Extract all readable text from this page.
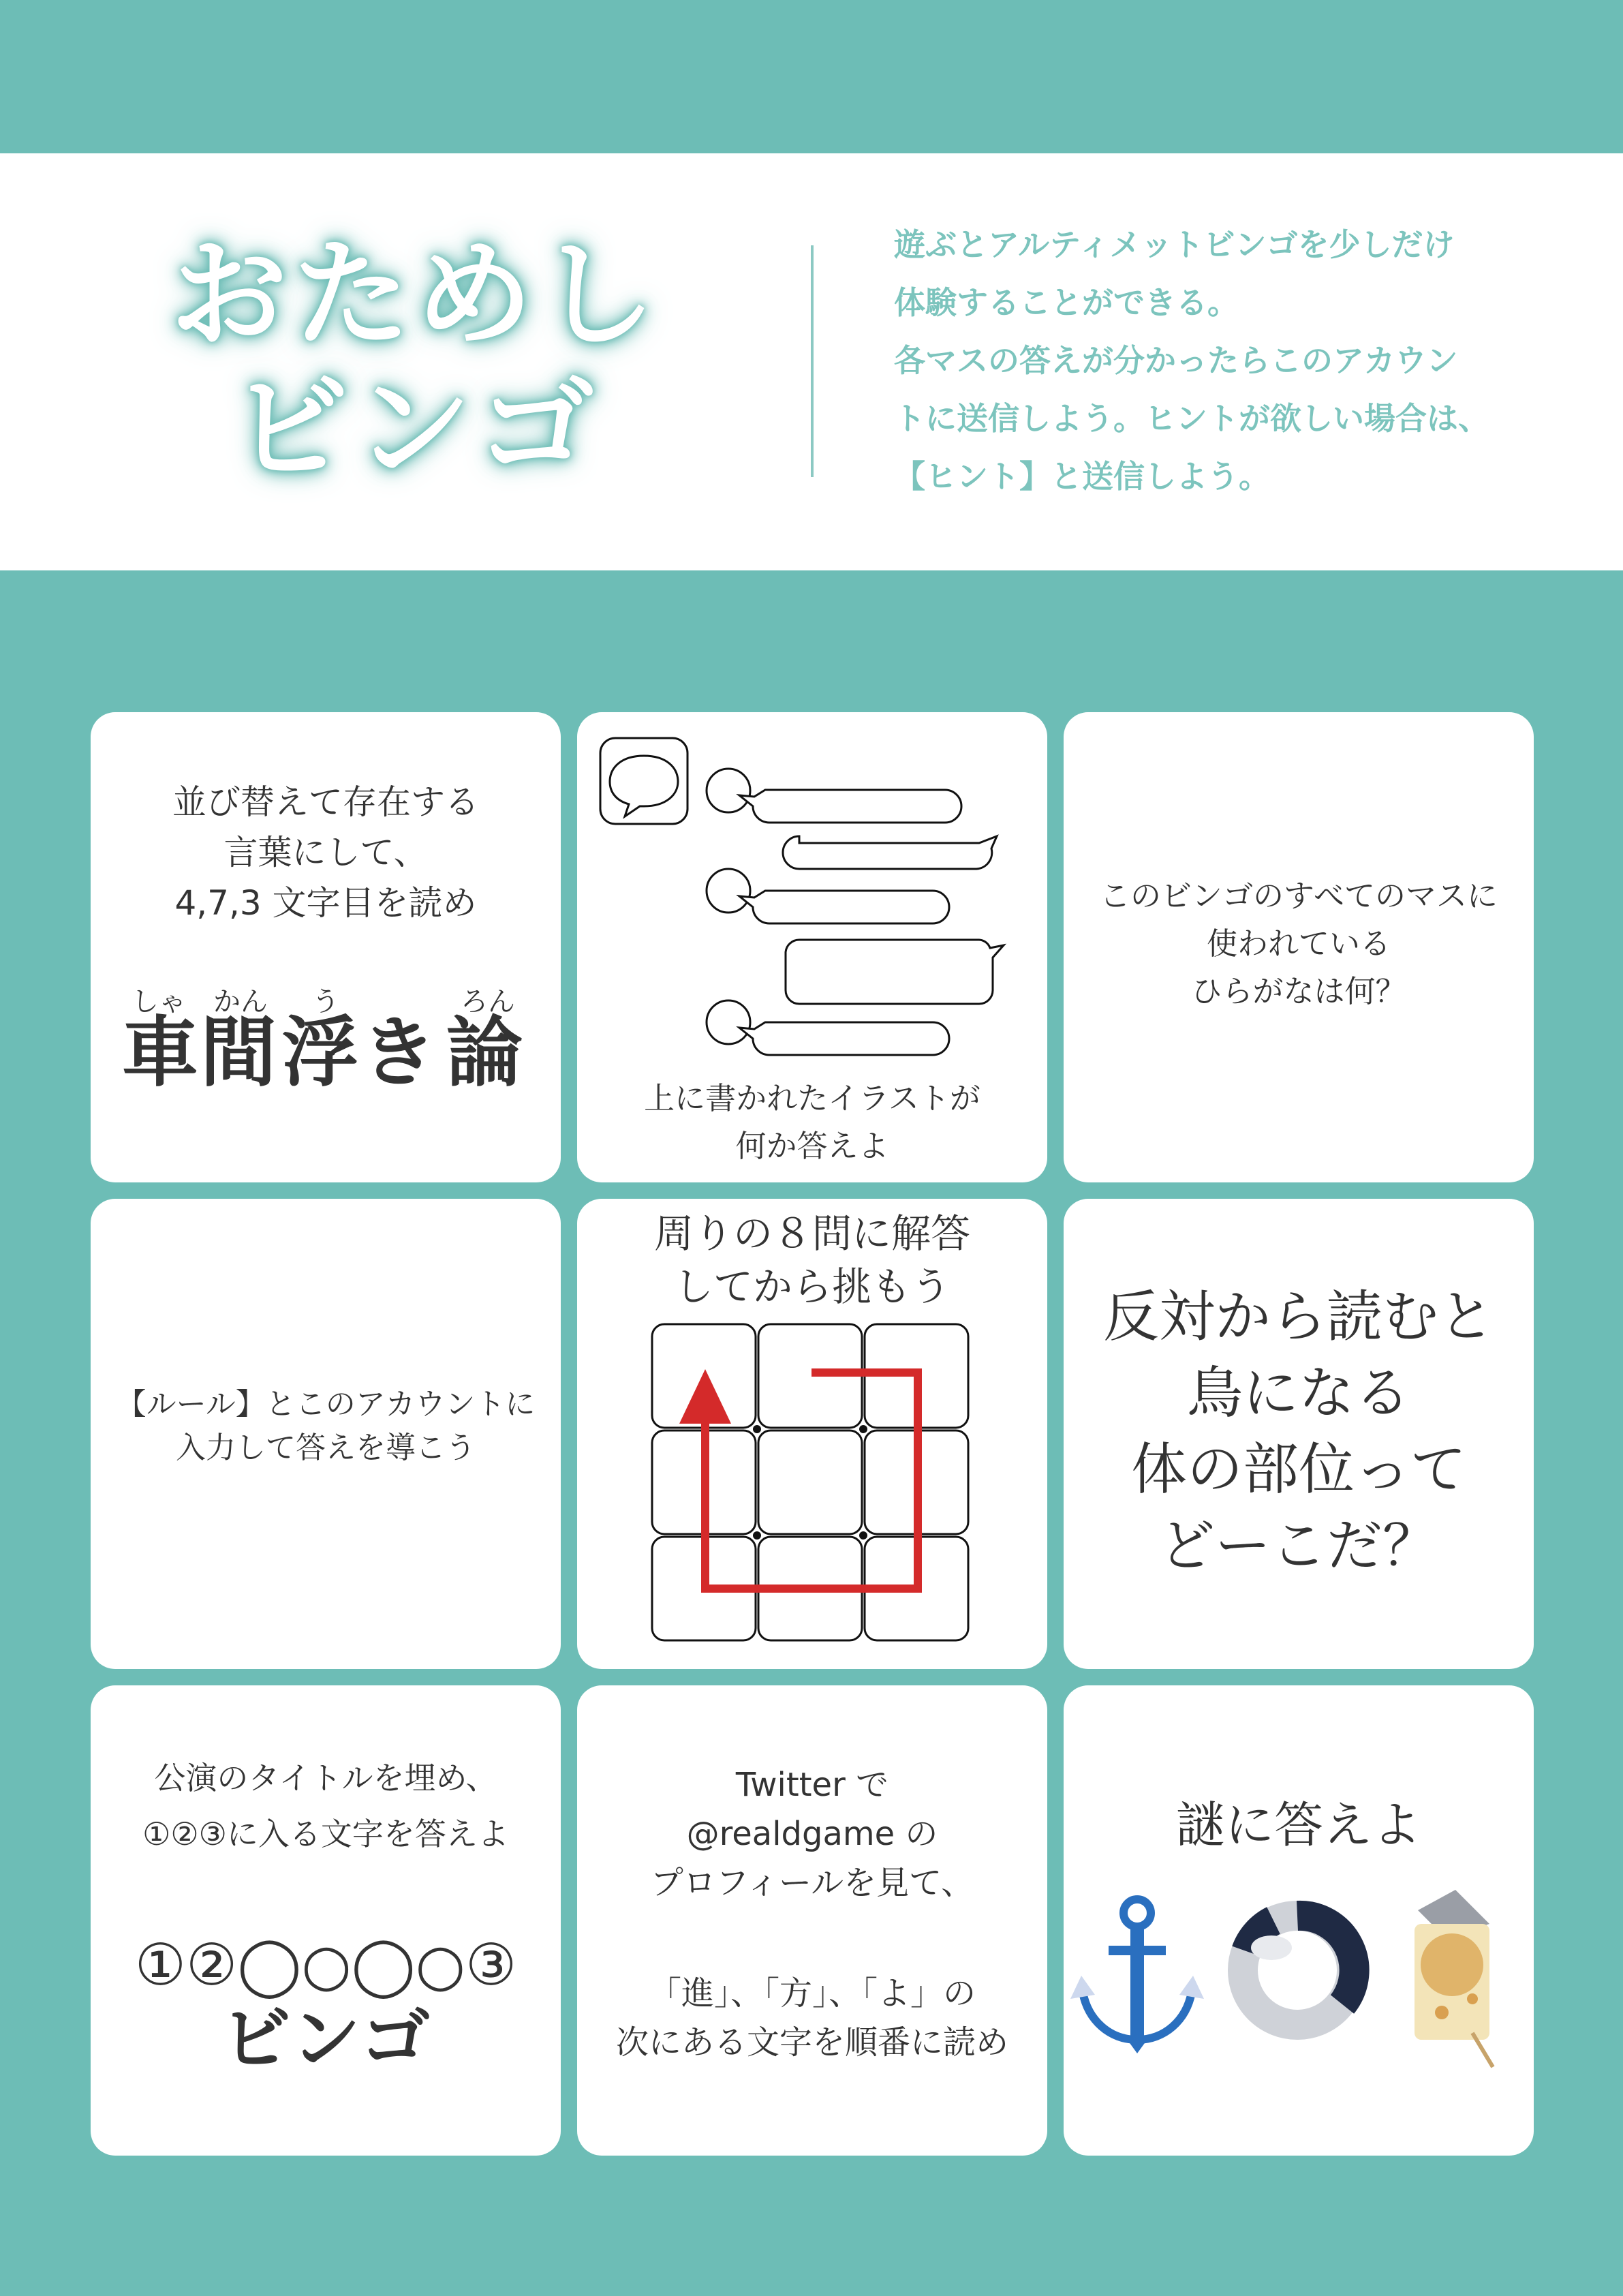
おためし
ビンゴ
遊ぶとアルティメットビンゴを少しだけ
体験することができる。
各マスの答えが分かったらこのアカウン
トに送信しよう。ヒントが欲しい場合は、
【ヒント】と送信しよう。
並び替えて存在する
言葉にして、
4,7,3 文字目を読め
しゃ かん う	ろん
車 間 浮 き 論
上に書かれたイラストが
何か答えよ
このビンゴのすべてのマスに
使われている
ひらがなは何？
【ルール】とこのアカウントに
入力して答えを導こう
周りの８問に解答
してから挑もう	反対から読むと
鳥になる
体の部位って
どーこだ？
公演のタイトルを埋め、
①②③に入る文字を答えよ
①②◯○◯○③
ビンゴ
Twitter で
@realdgame の
プロフィールを見て、
「進」、「方」、「よ」の
次にある文字を順番に読め
謎に答えよ
